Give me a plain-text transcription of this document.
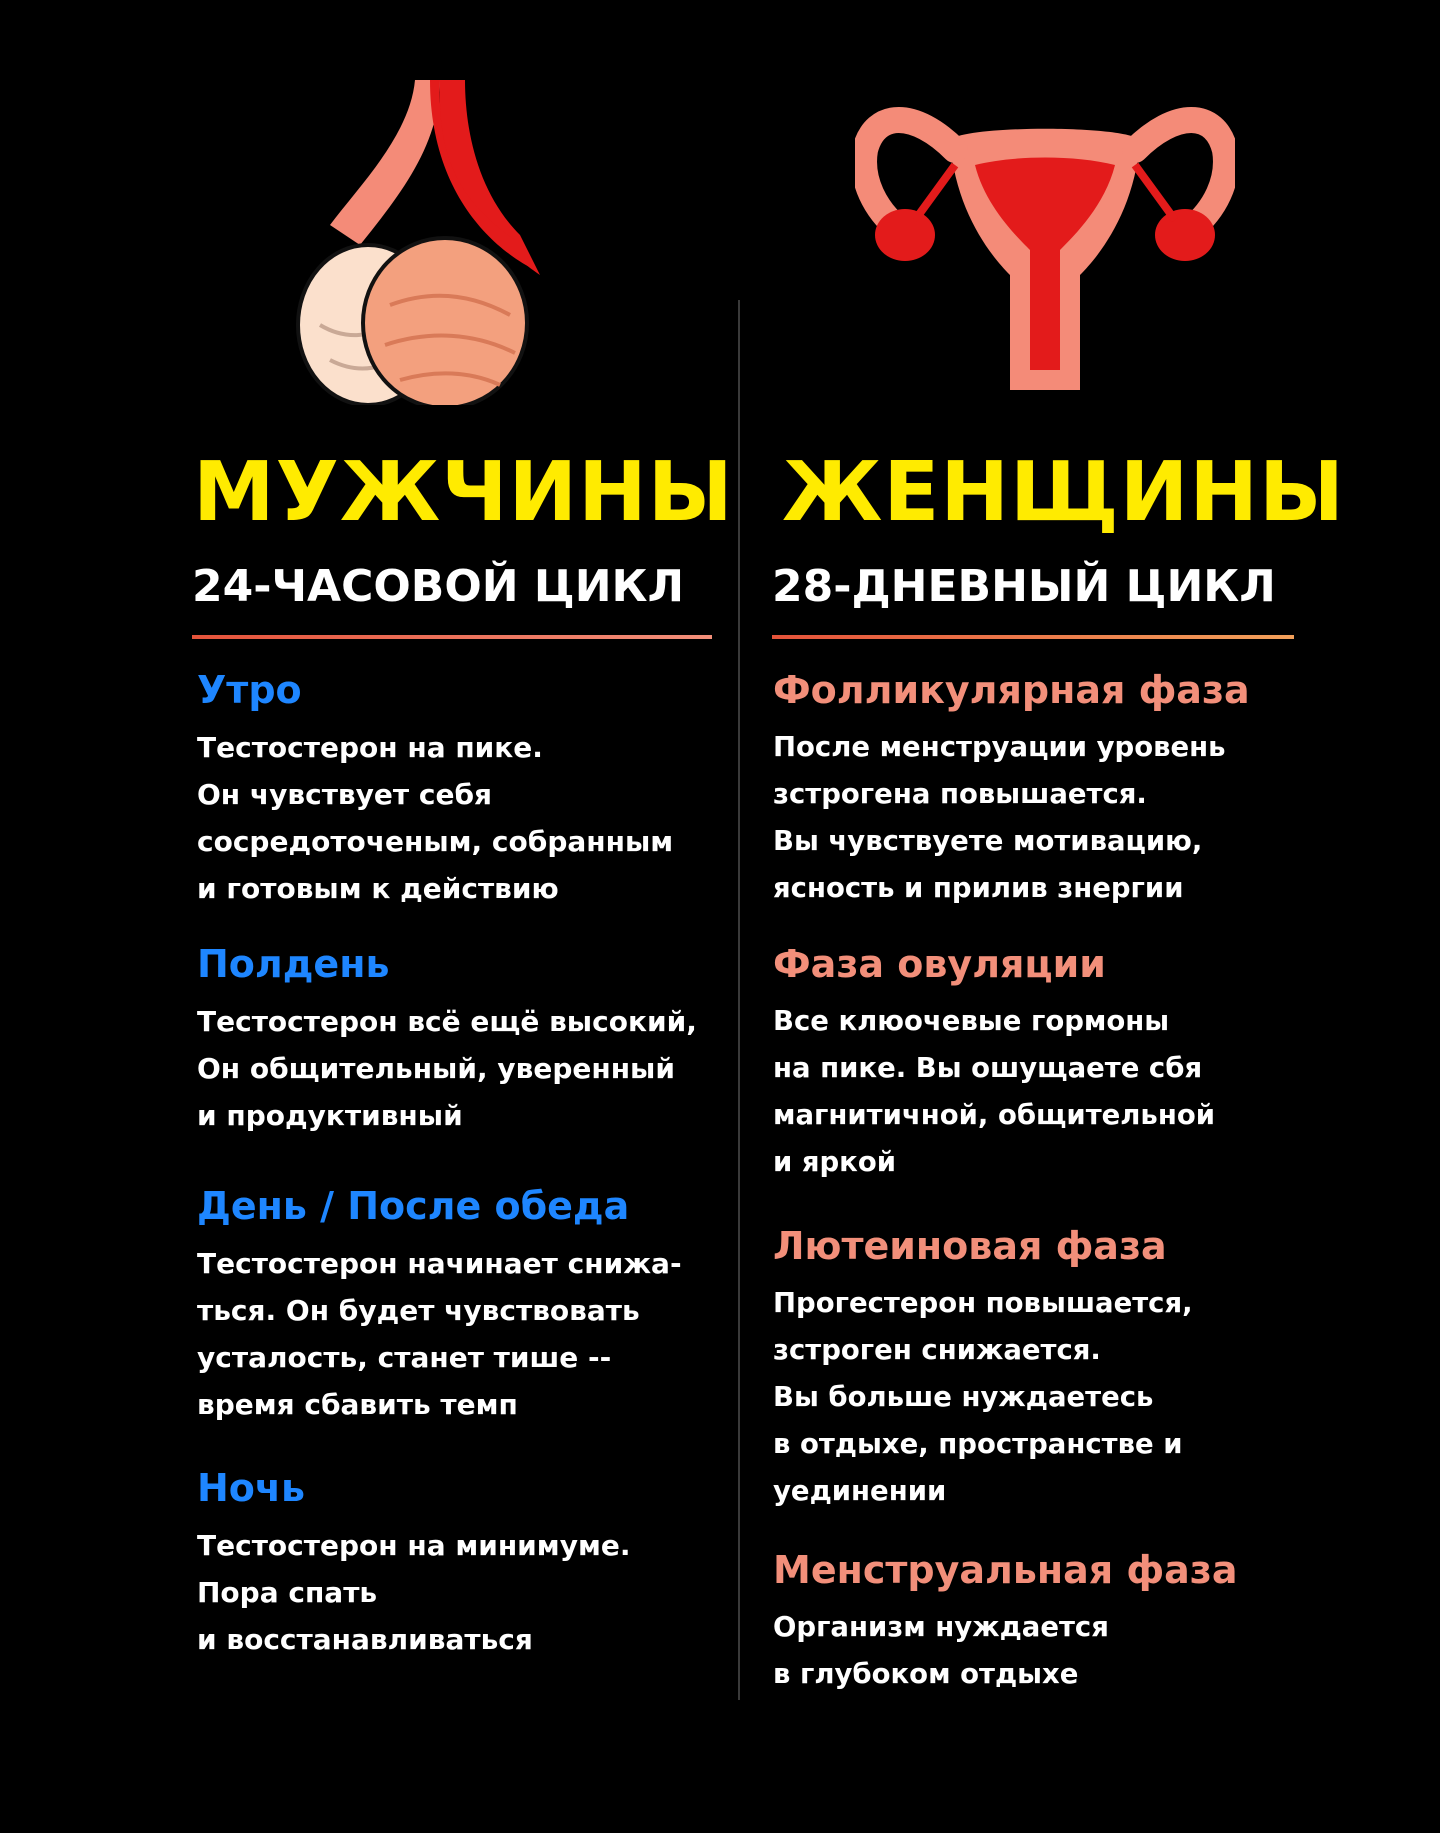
МУЖЧИНЫ
24-ЧАСОВОЙ ЦИКЛ
Утро

Тестостерон на пике.
Он чувствует себя
сосредоточеным, собранным
и готовым к действию

Полдень

Тестостерон всё ещё высокий,
Он общительный, уверенный
и продуктивный

День / После обеда

Тестостерон начинает снижа-
ться. Он будет чувствовать
усталость, станет тише --
время сбавить темп

Ночь

Тестостерон на минимуме.
Пора спать
и восстанавливаться

ЖЕНЩИНЫ
28-ДНЕВНЫЙ ЦИКЛ
Фолликулярная фаза

После менструации уровень
зстрогена повышается.
Вы чувствуете мотивацию,
ясность и прилив знергии

Фаза овуляции

Все клюочевые гормоны
на пике. Вы ошущаете сбя
магнитичной, общительной
и яркой

Лютеиновая фаза

Прогестерон повышается,
зстроген снижается.
Вы больше нуждаетесь
в отдыхе, пространстве и
уединении

Менструальная фаза

Организм нуждается
в глубоком отдыхе
